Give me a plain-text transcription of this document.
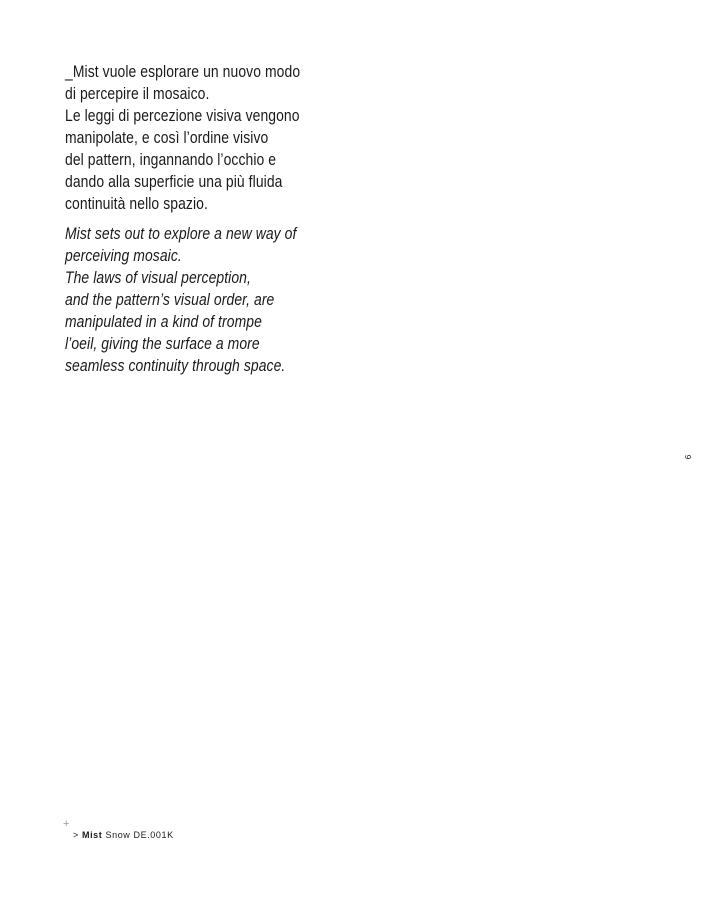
_Mist vuole esplorare un nuovo modo
di percepire il mosaico.
Le leggi di percezione visiva vengono
manipolate, e così l’ordine visivo
del pattern, ingannando l’occhio e
dando alla superficie una più fluida
continuità nello spazio.
Mist sets out to explore a new way of
perceiving mosaic.
The laws of visual perception,
and the pattern’s visual order, are
manipulated in a kind of trompe
l’oeil, giving the surface a more
seamless continuity through space.
9
+
> Mist Snow DE.001K
